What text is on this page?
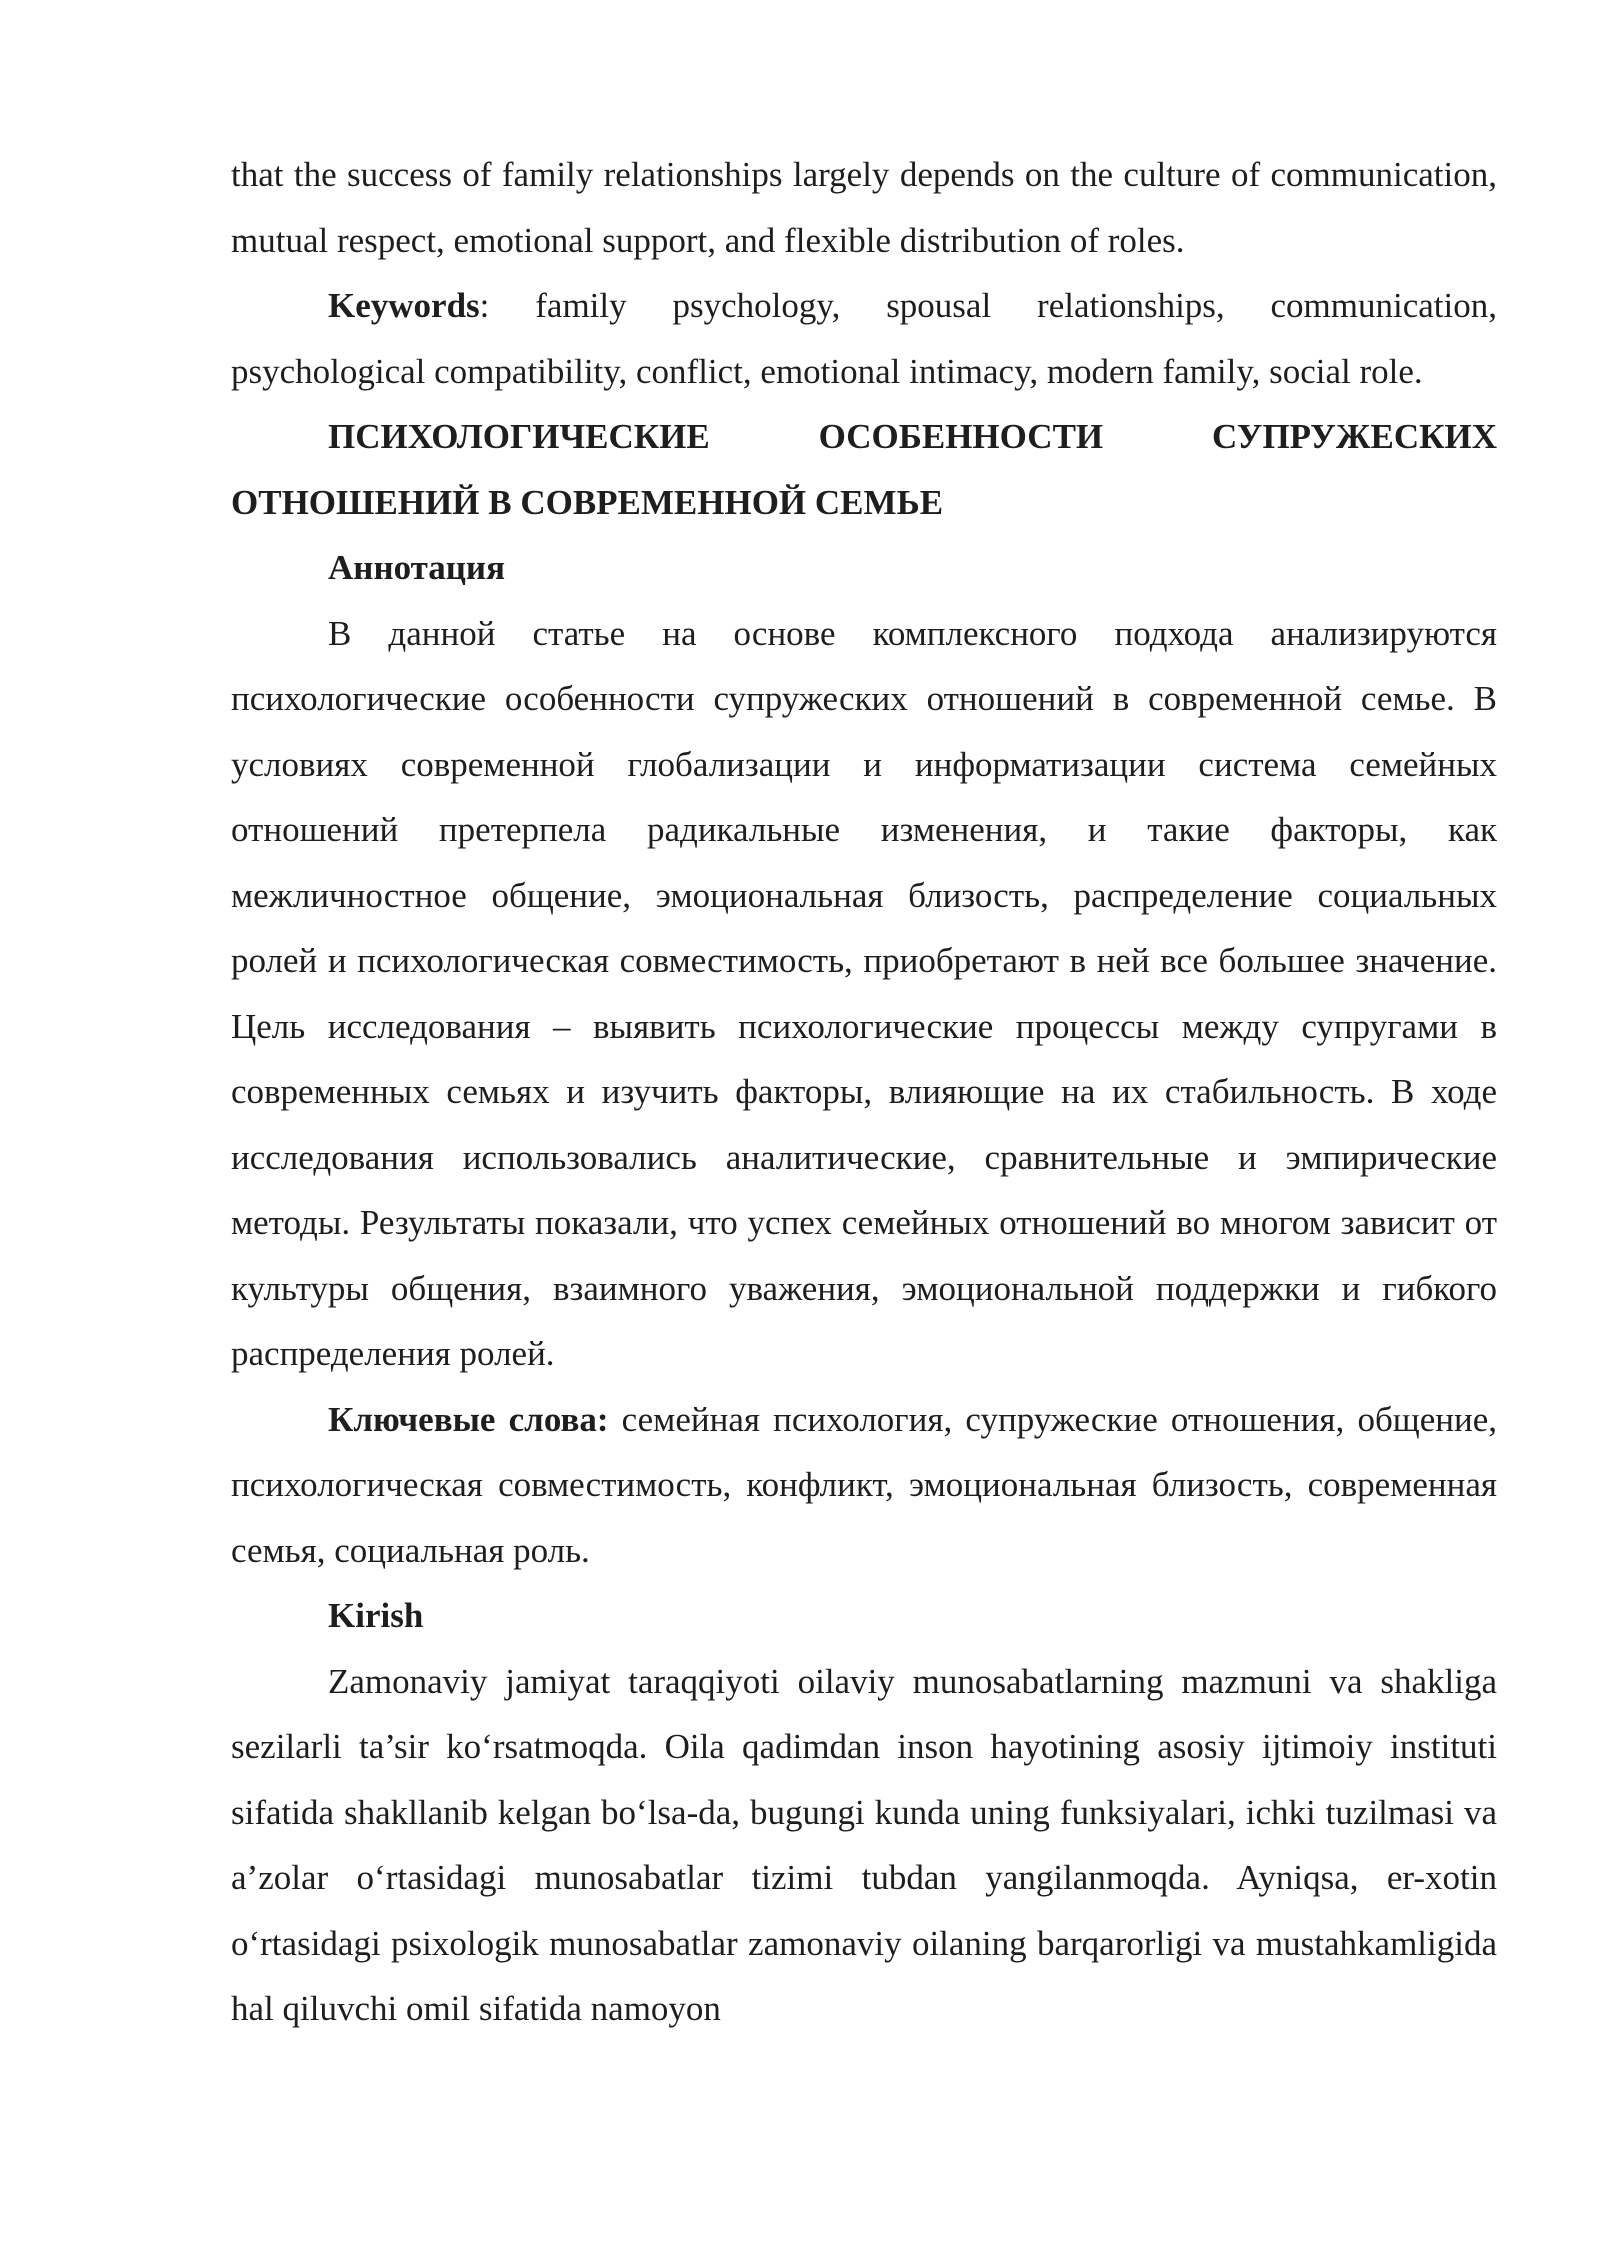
that the success of family relationships largely depends on the culture of communication, mutual respect, emotional support, and flexible distribution of roles.

Keywords: family psychology, spousal relationships, communication, psychological compatibility, conflict, emotional intimacy, modern family, social role.

ПСИХОЛОГИЧЕСКИЕ	ОСОБЕННОСТИ	СУПРУЖЕСКИХ
ОТНОШЕНИЙ В СОВРЕМЕННОЙ СЕМЬЕ
Аннотация

В данной статье на основе комплексного подхода анализируются психологические особенности супружеских отношений в современной семье. В условиях современной глобализации и информатизации система семейных отношений претерпела радикальные изменения, и такие факторы, как межличностное общение, эмоциональная близость, распределение социальных ролей и психологическая совместимость, приобретают в ней все большее значение. Цель исследования – выявить психологические процессы между супругами в современных семьях и изучить факторы, влияющие на их стабильность. В ходе исследования использовались аналитические, сравнительные и эмпирические методы. Результаты показали, что успех семейных отношений во многом зависит от культуры общения, взаимного уважения, эмоциональной поддержки и гибкого распределения ролей.

Ключевые слова: семейная психология, супружеские отношения, общение, психологическая совместимость, конфликт, эмоциональная близость, современная семья, социальная роль.

Kirish

Zamonaviy jamiyat taraqqiyoti oilaviy munosabatlarning mazmuni va shakliga sezilarli ta’sir ko‘rsatmoqda. Oila qadimdan inson hayotining asosiy ijtimoiy instituti sifatida shakllanib kelgan bo‘lsa-da, bugungi kunda uning funksiyalari, ichki tuzilmasi va a’zolar o‘rtasidagi munosabatlar tizimi tubdan yangilanmoqda. Ayniqsa, er-xotin o‘rtasidagi psixologik munosabatlar zamonaviy oilaning barqarorligi va mustahkamligida hal qiluvchi omil sifatida namoyon
